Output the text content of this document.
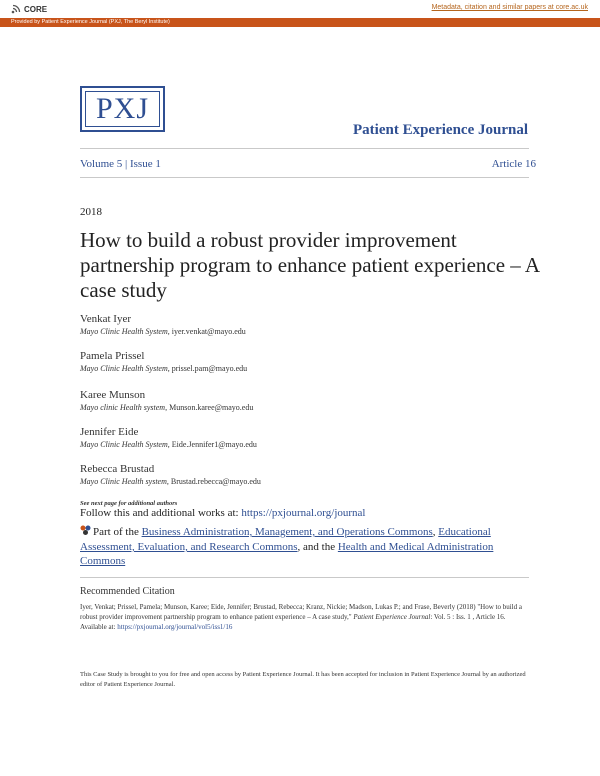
CORE	Metadata, citation and similar papers at core.ac.uk
Provided by Patient Experience Journal (PXJ, The Beryl Institute)
PXJ
Patient Experience Journal
Volume 5 | Issue 1	Article 16
2018
How to build a robust provider improvement partnership program to enhance patient experience – A case study
Venkat Iyer
Mayo Clinic Health System, iyer.venkat@mayo.edu
Pamela Prissel
Mayo Clinic Health System, prissel.pam@mayo.edu
Karee Munson
Mayo clinic Health system, Munson.karee@mayo.edu
Jennifer Eide
Mayo Clinic Health System, Eide.Jennifer1@mayo.edu
Rebecca Brustad
Mayo Clinic Health system, Brustad.rebecca@mayo.edu
See next page for additional authors
Follow this and additional works at: https://pxjournal.org/journal
Part of the Business Administration, Management, and Operations Commons, Educational Assessment, Evaluation, and Research Commons, and the Health and Medical Administration Commons
Recommended Citation
Iyer, Venkat; Prissel, Pamela; Munson, Karee; Eide, Jennifer; Brustad, Rebecca; Kranz, Nickie; Madson, Lukas P.; and Frase, Beverly (2018) "How to build a robust provider improvement partnership program to enhance patient experience – A case study," Patient Experience Journal: Vol. 5 : Iss. 1 , Article 16.
Available at: https://pxjournal.org/journal/vol5/iss1/16
This Case Study is brought to you for free and open access by Patient Experience Journal. It has been accepted for inclusion in Patient Experience Journal by an authorized editor of Patient Experience Journal.
